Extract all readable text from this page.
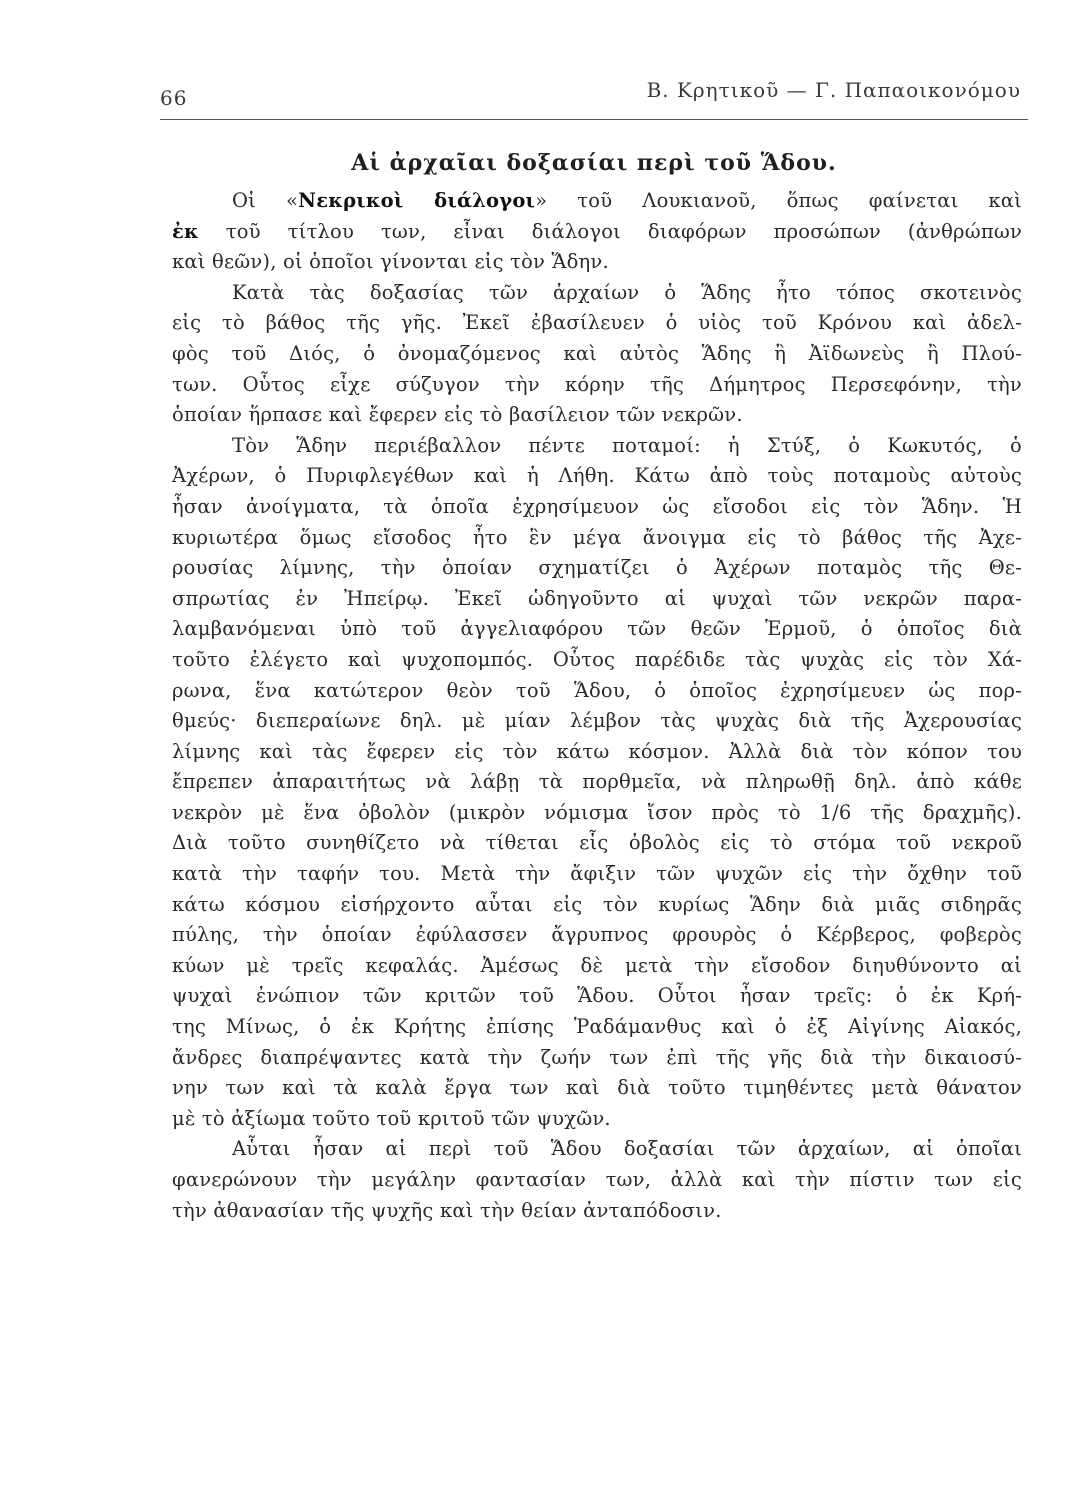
66	Β. Κρητικοῦ — Γ. Παπαοικονόμου
Αἱ ἀρχαῖαι δοξασίαι περὶ τοῦ Ἅδου.
Οἱ «Νεκρικοὶ διάλογοι» τοῦ Λουκιανοῦ, ὅπως φαίνεται καὶ
ἐκ τοῦ τίτλου των, εἶναι διάλογοι διαφόρων προσώπων (ἀνθρώπων
καὶ θεῶν), οἱ ὁποῖοι γίνονται εἰς τὸν Ἅδην.
Κατὰ τὰς δοξασίας τῶν ἀρχαίων ὁ Ἅδης ἦτο τόπος σκοτεινὸς
εἰς τὸ βάθος τῆς γῆς. Ἐκεῖ ἐβασίλευεν ὁ υἱὸς τοῦ Κρόνου καὶ ἀδελ-
φὸς τοῦ Διός, ὁ ὀνομαζόμενος καὶ αὐτὸς Ἅδης ἢ Ἀϊδωνεὺς ἢ Πλού-
των. Οὗτος εἶχε σύζυγον τὴν κόρην τῆς Δήμητρος Περσεφόνην, τὴν
ὁποίαν ἥρπασε καὶ ἔφερεν εἰς τὸ βασίλειον τῶν νεκρῶν.
Τὸν Ἅδην περιέβαλλον πέντε ποταμοί: ἡ Στύξ, ὁ Κωκυτός, ὁ
Ἀχέρων, ὁ Πυριφλεγέθων καὶ ἡ Λήθη. Κάτω ἀπὸ τοὺς ποταμοὺς αὐτοὺς
ἦσαν ἀνοίγματα, τὰ ὁποῖα ἐχρησίμευον ὡς εἴσοδοι εἰς τὸν Ἅδην. Ἡ
κυριωτέρα ὅμως εἴσοδος ἦτο ἓν μέγα ἄνοιγμα εἰς τὸ βάθος τῆς Ἀχε-
ρουσίας λίμνης, τὴν ὁποίαν σχηματίζει ὁ Ἀχέρων ποταμὸς τῆς Θε-
σπρωτίας ἐν Ἠπείρῳ. Ἐκεῖ ὡδηγοῦντο αἱ ψυχαὶ τῶν νεκρῶν παρα-
λαμβανόμεναι ὑπὸ τοῦ ἀγγελιαφόρου τῶν θεῶν Ἑρμοῦ, ὁ ὁποῖος διὰ
τοῦτο ἐλέγετο καὶ ψυχοπομπός. Οὗτος παρέδιδε τὰς ψυχὰς εἰς τὸν Χά-
ρωνα, ἕνα κατώτερον θεὸν τοῦ Ἅδου, ὁ ὁποῖος ἐχρησίμευεν ὡς πορ-
θμεύς· διεπεραίωνε δηλ. μὲ μίαν λέμβον τὰς ψυχὰς διὰ τῆς Ἀχερουσίας
λίμνης καὶ τὰς ἔφερεν εἰς τὸν κάτω κόσμον. Ἀλλὰ διὰ τὸν κόπον του
ἔπρεπεν ἀπαραιτήτως νὰ λάβῃ τὰ πορθμεῖα, νὰ πληρωθῇ δηλ. ἀπὸ κάθε
νεκρὸν μὲ ἕνα ὀβολὸν (μικρὸν νόμισμα ἴσον πρὸς τὸ 1/6 τῆς δραχμῆς).
Διὰ τοῦτο συνηθίζετο νὰ τίθεται εἷς ὀβολὸς εἰς τὸ στόμα τοῦ νεκροῦ
κατὰ τὴν ταφήν του. Μετὰ τὴν ἄφιξιν τῶν ψυχῶν εἰς τὴν ὄχθην τοῦ
κάτω κόσμου εἰσήρχοντο αὗται εἰς τὸν κυρίως Ἅδην διὰ μιᾶς σιδηρᾶς
πύλης, τὴν ὁποίαν ἐφύλασσεν ἄγρυπνος φρουρὸς ὁ Κέρβερος, φοβερὸς
κύων μὲ τρεῖς κεφαλάς. Ἀμέσως δὲ μετὰ τὴν εἴσοδον διηυθύνοντο αἱ
ψυχαὶ ἐνώπιον τῶν κριτῶν τοῦ Ἅδου. Οὗτοι ἦσαν τρεῖς: ὁ ἐκ Κρή-
της Μίνως, ὁ ἐκ Κρήτης ἐπίσης Ῥαδάμανθυς καὶ ὁ ἐξ Αἰγίνης Αἰακός,
ἄνδρες διαπρέψαντες κατὰ τὴν ζωήν των ἐπὶ τῆς γῆς διὰ τὴν δικαιοσύ-
νην των καὶ τὰ καλὰ ἔργα των καὶ διὰ τοῦτο τιμηθέντες μετὰ θάνατον
μὲ τὸ ἀξίωμα τοῦτο τοῦ κριτοῦ τῶν ψυχῶν.
Αὗται ἦσαν αἱ περὶ τοῦ Ἅδου δοξασίαι τῶν ἀρχαίων, αἱ ὁποῖαι
φανερώνουν τὴν μεγάλην φαντασίαν των, ἀλλὰ καὶ τὴν πίστιν των εἰς
τὴν ἀθανασίαν τῆς ψυχῆς καὶ τὴν θείαν ἀνταπόδοσιν.
